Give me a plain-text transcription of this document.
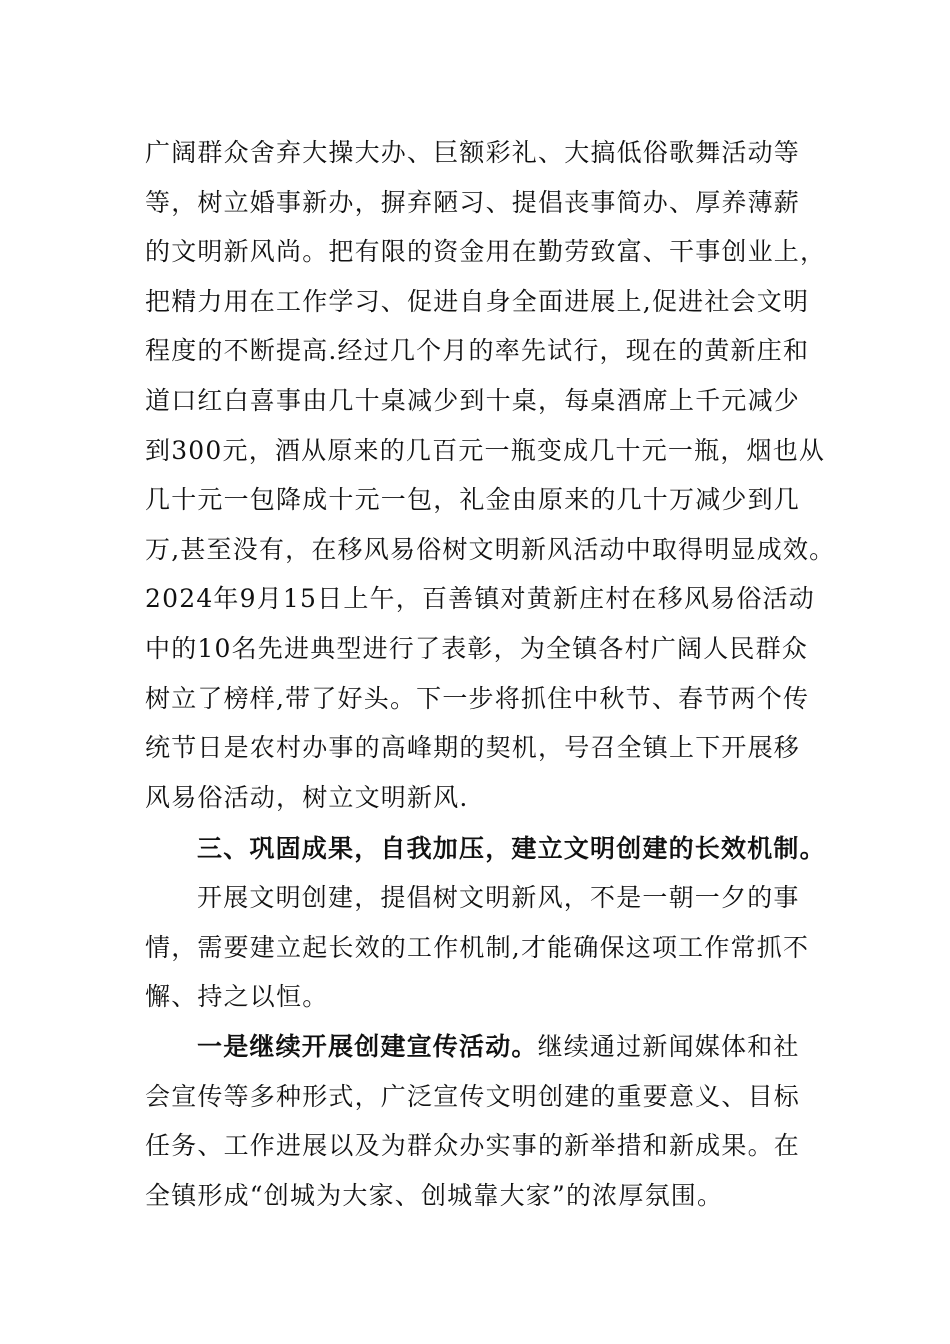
广阔群众舍弃大操大办、巨额彩礼、大搞低俗歌舞活动等
等，树立婚事新办，摒弃陋习、提倡丧事简办、厚养薄薪
的文明新风尚。把有限的资金用在勤劳致富、干事创业上，
把精力用在工作学习、促进自身全面进展上,促进社会文明
程度的不断提高.经过几个月的率先试行，现在的黄新庄和
道口红白喜事由几十桌减少到十桌，每桌酒席上千元减少
到300元，酒从原来的几百元一瓶变成几十元一瓶，烟也从
几十元一包降成十元一包，礼金由原来的几十万减少到几
万,甚至没有，在移风易俗树文明新风活动中取得明显成效。
2024年9月15日上午，百善镇对黄新庄村在移风易俗活动
中的10名先进典型进行了表彰，为全镇各村广阔人民群众
树立了榜样,带了好头。下一步将抓住中秋节、春节两个传
统节日是农村办事的高峰期的契机，号召全镇上下开展移
风易俗活动，树立文明新风.
三、巩固成果，自我加压，建立文明创建的长效机制。
开展文明创建，提倡树文明新风，不是一朝一夕的事
情，需要建立起长效的工作机制,才能确保这项工作常抓不
懈、持之以恒。
一是继续开展创建宣传活动。继续通过新闻媒体和社
会宣传等多种形式，广泛宣传文明创建的重要意义、目标
任务、工作进展以及为群众办实事的新举措和新成果。在
全镇形成“创城为大家、创城靠大家”的浓厚氛围。
